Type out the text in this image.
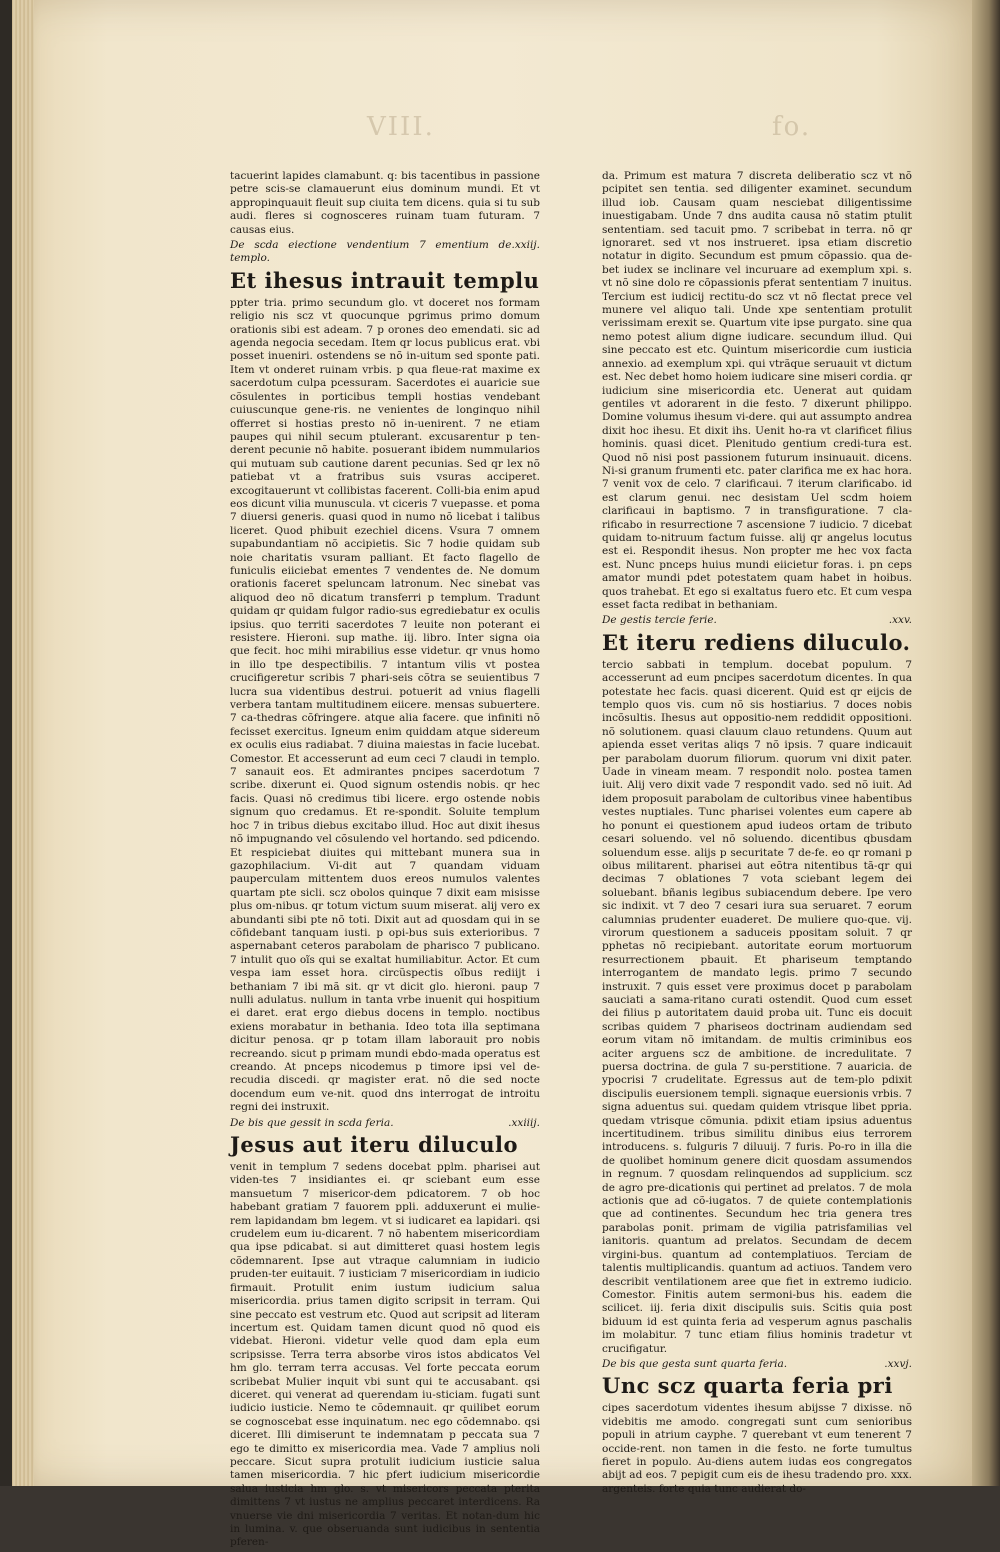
VIII.	fo.

tacuerint lapides clamabunt. q: bis tacentibus in passione petre scis-se clamauerunt eius dominum mundi. Et vt appropinquauit fleuit sup ciuita tem dicens. quia si tu sub audi. fleres si cognosceres ruinam tuam futuram. 7 causas eius.

De scda eiectione vendentium 7 ementium de templo.
.xxiij.
Et ihesus intrauit templu

ppter tria. primo secundum glo. vt doceret nos formam religio nis scz vt quocunque pgrimus primo domum orationis sibi est adeam. 7 p orones deo emendati. sic ad agenda negocia secedam. Item qr locus publicus erat. vbi posset inueniri. ostendens se nõ in-uitum sed sponte pati. Item vt onderet ruinam vrbis. p qua fleue-rat maxime ex sacerdotum culpa pcessuram. Sacerdotes ei auaricie sue cõsulentes in porticibus templi hostias vendebant cuiuscunque gene-ris. ne venientes de longinquo nihil offerret si hostias presto nõ in-uenirent. 7 ne etiam paupes qui nihil secum ptulerant. excusarentur p ten-derent pecunie nõ habite. posuerant ibidem nummularios qui mutuam sub cautione darent pecunias. Sed qr lex nõ patiebat vt a fratribus suis vsuras acciperet. excogitauerunt vt collibistas facerent. Colli-bia enim apud eos dicunt vilia munuscula. vt ciceris 7 vuepasse. et poma 7 diuersi generis. quasi quod in numo nõ licebat i talibus liceret. Quod phibuit ezechiel dicens. Vsura 7 omnem supabundantiam nõ accipietis. Sic 7 hodie quidam sub noie charitatis vsuram palliant. Et facto flagello de funiculis eiiciebat ementes 7 vendentes de. Ne domum orationis faceret speluncam latronum. Nec sinebat vas aliquod deo nõ dicatum transferri p templum. Tradunt quidam qr quidam fulgor radio-sus egrediebatur ex oculis ipsius. quo territi sacerdotes 7 leuite non poterant ei resistere. Hieroni. sup mathe. iij. libro. Inter signa oia que fecit. hoc mihi mirabilius esse videtur. qr vnus homo in illo tpe despectibilis. 7 intantum vilis vt postea crucifigeretur scribis 7 phari-seis cõtra se seuientibus 7 lucra sua videntibus destrui. potuerit ad vnius flagelli verbera tantam multitudinem eiicere. mensas subuertere. 7 ca-thedras cõfringere. atque alia facere. que infiniti nõ fecisset exercitus. Igneum enim quiddam atque sidereum ex oculis eius radiabat. 7 diuina maiestas in facie lucebat. Comestor. Et accesserunt ad eum ceci 7 claudi in templo. 7 sanauit eos. Et admirantes pncipes sacerdotum 7 scribe. dixerunt ei. Quod signum ostendis nobis. qr hec facis. Quasi nõ credimus tibi licere. ergo ostende nobis signum quo credamus. Et re-spondit. Soluite templum hoc 7 in tribus diebus excitabo illud. Hoc aut dixit ihesus nõ impugnando vel cõsulendo vel hortando. sed pdicendo. Et respiciebat diuites qui mittebant munera sua in gazophilacium. Vi-dit aut 7 quandam viduam pauperculam mittentem duos ereos numulos valentes quartam pte sicli. scz obolos quinque 7 dixit eam misisse plus om-nibus. qr totum victum suum miserat. alij vero ex abundanti sibi pte nõ toti. Dixit aut ad quosdam qui in se cõfidebant tanquam iusti. p opi-bus suis exterioribus. 7 aspernabant ceteros parabolam de pharisco 7 publicano. 7 intulit quo oĩs qui se exaltat humiliabitur. Actor. Et cum vespa iam esset hora. circũspectis oĩbus rediijt i bethaniam 7 ibi mã sit. qr vt dicit glo. hieroni. paup 7 nulli adulatus. nullum in tanta vrbe inuenit qui hospitium ei daret. erat ergo diebus docens in templo. noctibus exiens morabatur in bethania. Ideo tota illa septimana dicitur penosa. qr p totam illam laborauit pro nobis recreando. sicut p primam mundi ebdo-mada operatus est creando. At pnceps nicodemus p timore ipsi vel de-recudia discedi. qr magister erat. nõ die sed nocte docendum eum ve-nit. quod dns interrogat de introitu regni dei instruxit.

De bis que gessit in scda feria.	.xxiiij.
Jesus aut iteru diluculo

venit in templum 7 sedens docebat pplm. pharisei aut viden-tes 7 insidiantes ei. qr sciebant eum esse mansuetum 7 misericor-dem pdicatorem. 7 ob hoc habebant gratiam 7 fauorem ppli. adduxerunt ei mulie-rem lapidandam bm legem. vt si iudicaret ea lapidari. qsi crudelem eum iu-dicarent. 7 nõ habentem misericordiam qua ipse pdicabat. si aut dimitteret quasi hostem legis cõdemnarent. Ipse aut vtraque calumniam in iudicio pruden-ter euitauit. 7 iusticiam 7 misericordiam in iudicio firmauit. Protulit enim iustum iudicium salua misericordia. prius tamen digito scripsit in terram. Qui sine peccato est vestrum etc. Quod aut scripsit ad literam incertum est. Quidam tamen dicunt quod nõ quod eis videbat. Hieroni. videtur velle quod dam epla eum scripsisse. Terra terra absorbe viros istos abdicatos Vel hm glo. terram terra accusas. Vel forte peccata eorum scribebat Mulier inquit vbi sunt qui te accusabant. qsi diceret. qui venerat ad querendam iu-sticiam. fugati sunt iudicio iusticie. Nemo te cõdemnauit. qr quilibet eorum se cognoscebat esse inquinatum. nec ego cõdemnabo. qsi diceret. Illi dimiserunt te indemnatam p peccata sua 7 ego te dimitto ex misericordia mea. Vade 7 amplius noli peccare. Sicut supra protulit iudicium iusticie salua tamen misericordia. 7 hic pfert iudicium misericordie salua iusticia hm glo. s. vt misericors peccata pterita dimittens 7 vt iustus ne amplius peccaret interdicens. Ra vnuerse vie dni misericordia 7 veritas. Et notan-dum hic in lumina. v. que obseruanda sunt iudicibus in sententia pferen-

da. Primum est matura 7 discreta deliberatio scz vt nõ pcipitet sen tentia. sed diligenter examinet. secundum illud iob. Causam quam nesciebat diligentissime inuestigabam. Unde 7 dns audita causa nõ statim ptulit sententiam. sed tacuit pmo. 7 scribebat in terra. nõ qr ignoraret. sed vt nos instrueret. ipsa etiam discretio notatur in digito. Secundum est pmum cõpassio. qua de-bet iudex se inclinare vel incuruare ad exemplum xpi. s. vt nõ sine dolo re cõpassionis pferat sententiam 7 inuitus. Tercium est iudicij rectitu-do scz vt nõ flectat prece vel munere vel aliquo tali. Unde xpe sententiam protulit verissimam erexit se. Quartum vite ipse purgato. sine qua nemo potest alium digne iudicare. secundum illud. Qui sine peccato est etc. Quintum misericordie cum iusticia annexio. ad exemplum xpi. qui vtrãque seruauit vt dictum est. Nec debet homo hoiem iudicare sine miseri cordia. qr iudicium sine misericordia etc. Uenerat aut quidam gentiles vt adorarent in die festo. 7 dixerunt philippo. Domine volumus ihesum vi-dere. qui aut assumpto andrea dixit hoc ihesu. Et dixit ihs. Uenit ho-ra vt clarificet filius hominis. quasi dicet. Plenitudo gentium credi-tura est. Quod nõ nisi post passionem futurum insinuauit. dicens. Ni-si granum frumenti etc. pater clarifica me ex hac hora. 7 venit vox de celo. 7 clarificaui. 7 iterum clarificabo. id est clarum genui. nec desistam Uel scdm hoiem clarificaui in baptismo. 7 in transfiguratione. 7 cla-rificabo in resurrectione 7 ascensione 7 iudicio. 7 dicebat quidam to-nitruum factum fuisse. alij qr angelus locutus est ei. Respondit ihesus. Non propter me hec vox facta est. Nunc pnceps huius mundi eiicietur foras. i. pn ceps amator mundi pdet potestatem quam habet in hoibus. quos trahebat. Et ego si exaltatus fuero etc. Et cum vespa esset facta redibat in bethaniam.

De gestis tercie ferie.	.xxv.
Et iteru rediens diluculo.

tercio sabbati in templum. docebat populum. 7 accesserunt ad eum pncipes sacerdotum dicentes. In qua potestate hec facis. quasi dicerent. Quid est qr eijcis de templo quos vis. cum nõ sis hostiarius. 7 doces nobis incõsultis. Ihesus aut oppositio-nem reddidit oppositioni. nõ solutionem. quasi clauum clauo retundens. Quum aut apienda esset veritas aliqs 7 nõ ipsis. 7 quare indicauit per parabolam duorum filiorum. quorum vni dixit pater. Uade in vineam meam. 7 respondit nolo. postea tamen iuit. Alij vero dixit vade 7 respondit vado. sed nõ iuit. Ad idem proposuit parabolam de cultoribus vinee habentibus vestes nuptiales. Tunc pharisei volentes eum capere ab ho ponunt ei questionem apud iudeos ortam de tributo cesari soluendo. vel nõ soluendo. dicentibus qbusdam soluendum esse. alijs p securitate 7 de-fe. eo qr romani p oibus militarent. pharisei aut eõtra nitentibus tã-qr qui decimas 7 oblationes 7 vota sciebant legem dei soluebant. bñanis legibus subiacendum debere. Ipe vero sic indixit. vt 7 deo 7 cesari iura sua seruaret. 7 eorum calumnias prudenter euaderet. De muliere quo-que. vij. virorum questionem a saduceis ppositam soluit. 7 qr pphetas nõ recipiebant. autoritate eorum mortuorum resurrectionem pbauit. Et phariseum temptando interrogantem de mandato legis. primo 7 secundo instruxit. 7 quis esset vere proximus docet p parabolam sauciati a sama-ritano curati ostendit. Quod cum esset dei filius p autoritatem dauid proba uit. Tunc eis docuit scribas quidem 7 phariseos doctrinam audiendam sed eorum vitam nõ imitandam. de multis criminibus eos aciter arguens scz de ambitione. de incredulitate. 7 puersa doctrina. de gula 7 su-perstitione. 7 auaricia. de ypocrisi 7 crudelitate. Egressus aut de tem-plo pdixit discipulis euersionem templi. signaque euersionis vrbis. 7 signa aduentus sui. quedam quidem vtrisque libet ppria. quedam vtrisque cõmunia. pdixit etiam ipsius aduentus incertitudinem. tribus similitu dinibus eius terrorem introducens. s. fulguris 7 diluuij. 7 furis. Po-ro in illa die de quolibet hominum genere dicit quosdam assumendos in regnum. 7 quosdam relinquendos ad supplicium. scz de agro pre-dicationis qui pertinet ad prelatos. 7 de mola actionis que ad cõ-iugatos. 7 de quiete contemplationis que ad continentes. Secundum hec tria genera tres parabolas ponit. primam de vigilia patrisfamilias vel ianitoris. quantum ad prelatos. Secundam de decem virgini-bus. quantum ad contemplatiuos. Terciam de talentis multiplicandis. quantum ad actiuos. Tandem vero describit ventilationem aree que fiet in extremo iudicio. Comestor. Finitis autem sermoni-bus his. eadem die scilicet. iij. feria dixit discipulis suis. Scitis quia post biduum id est quinta feria ad vesperum agnus paschalis im molabitur. 7 tunc etiam filius hominis tradetur vt crucifigatur.

De bis que gesta sunt quarta feria.	.xxvj.
Unc scz quarta feria pri

cipes sacerdotum videntes ihesum abijsse 7 dixisse. nõ videbitis me amodo. congregati sunt cum senioribus populi in atrium cayphe. 7 querebant vt eum tenerent 7 occide-rent. non tamen in die festo. ne forte tumultus fieret in populo. Au-diens autem iudas eos congregatos abijt ad eos. 7 pepigit cum eis de ihesu tradendo pro. xxx. argenteis. forte quia tunc audierat do-
